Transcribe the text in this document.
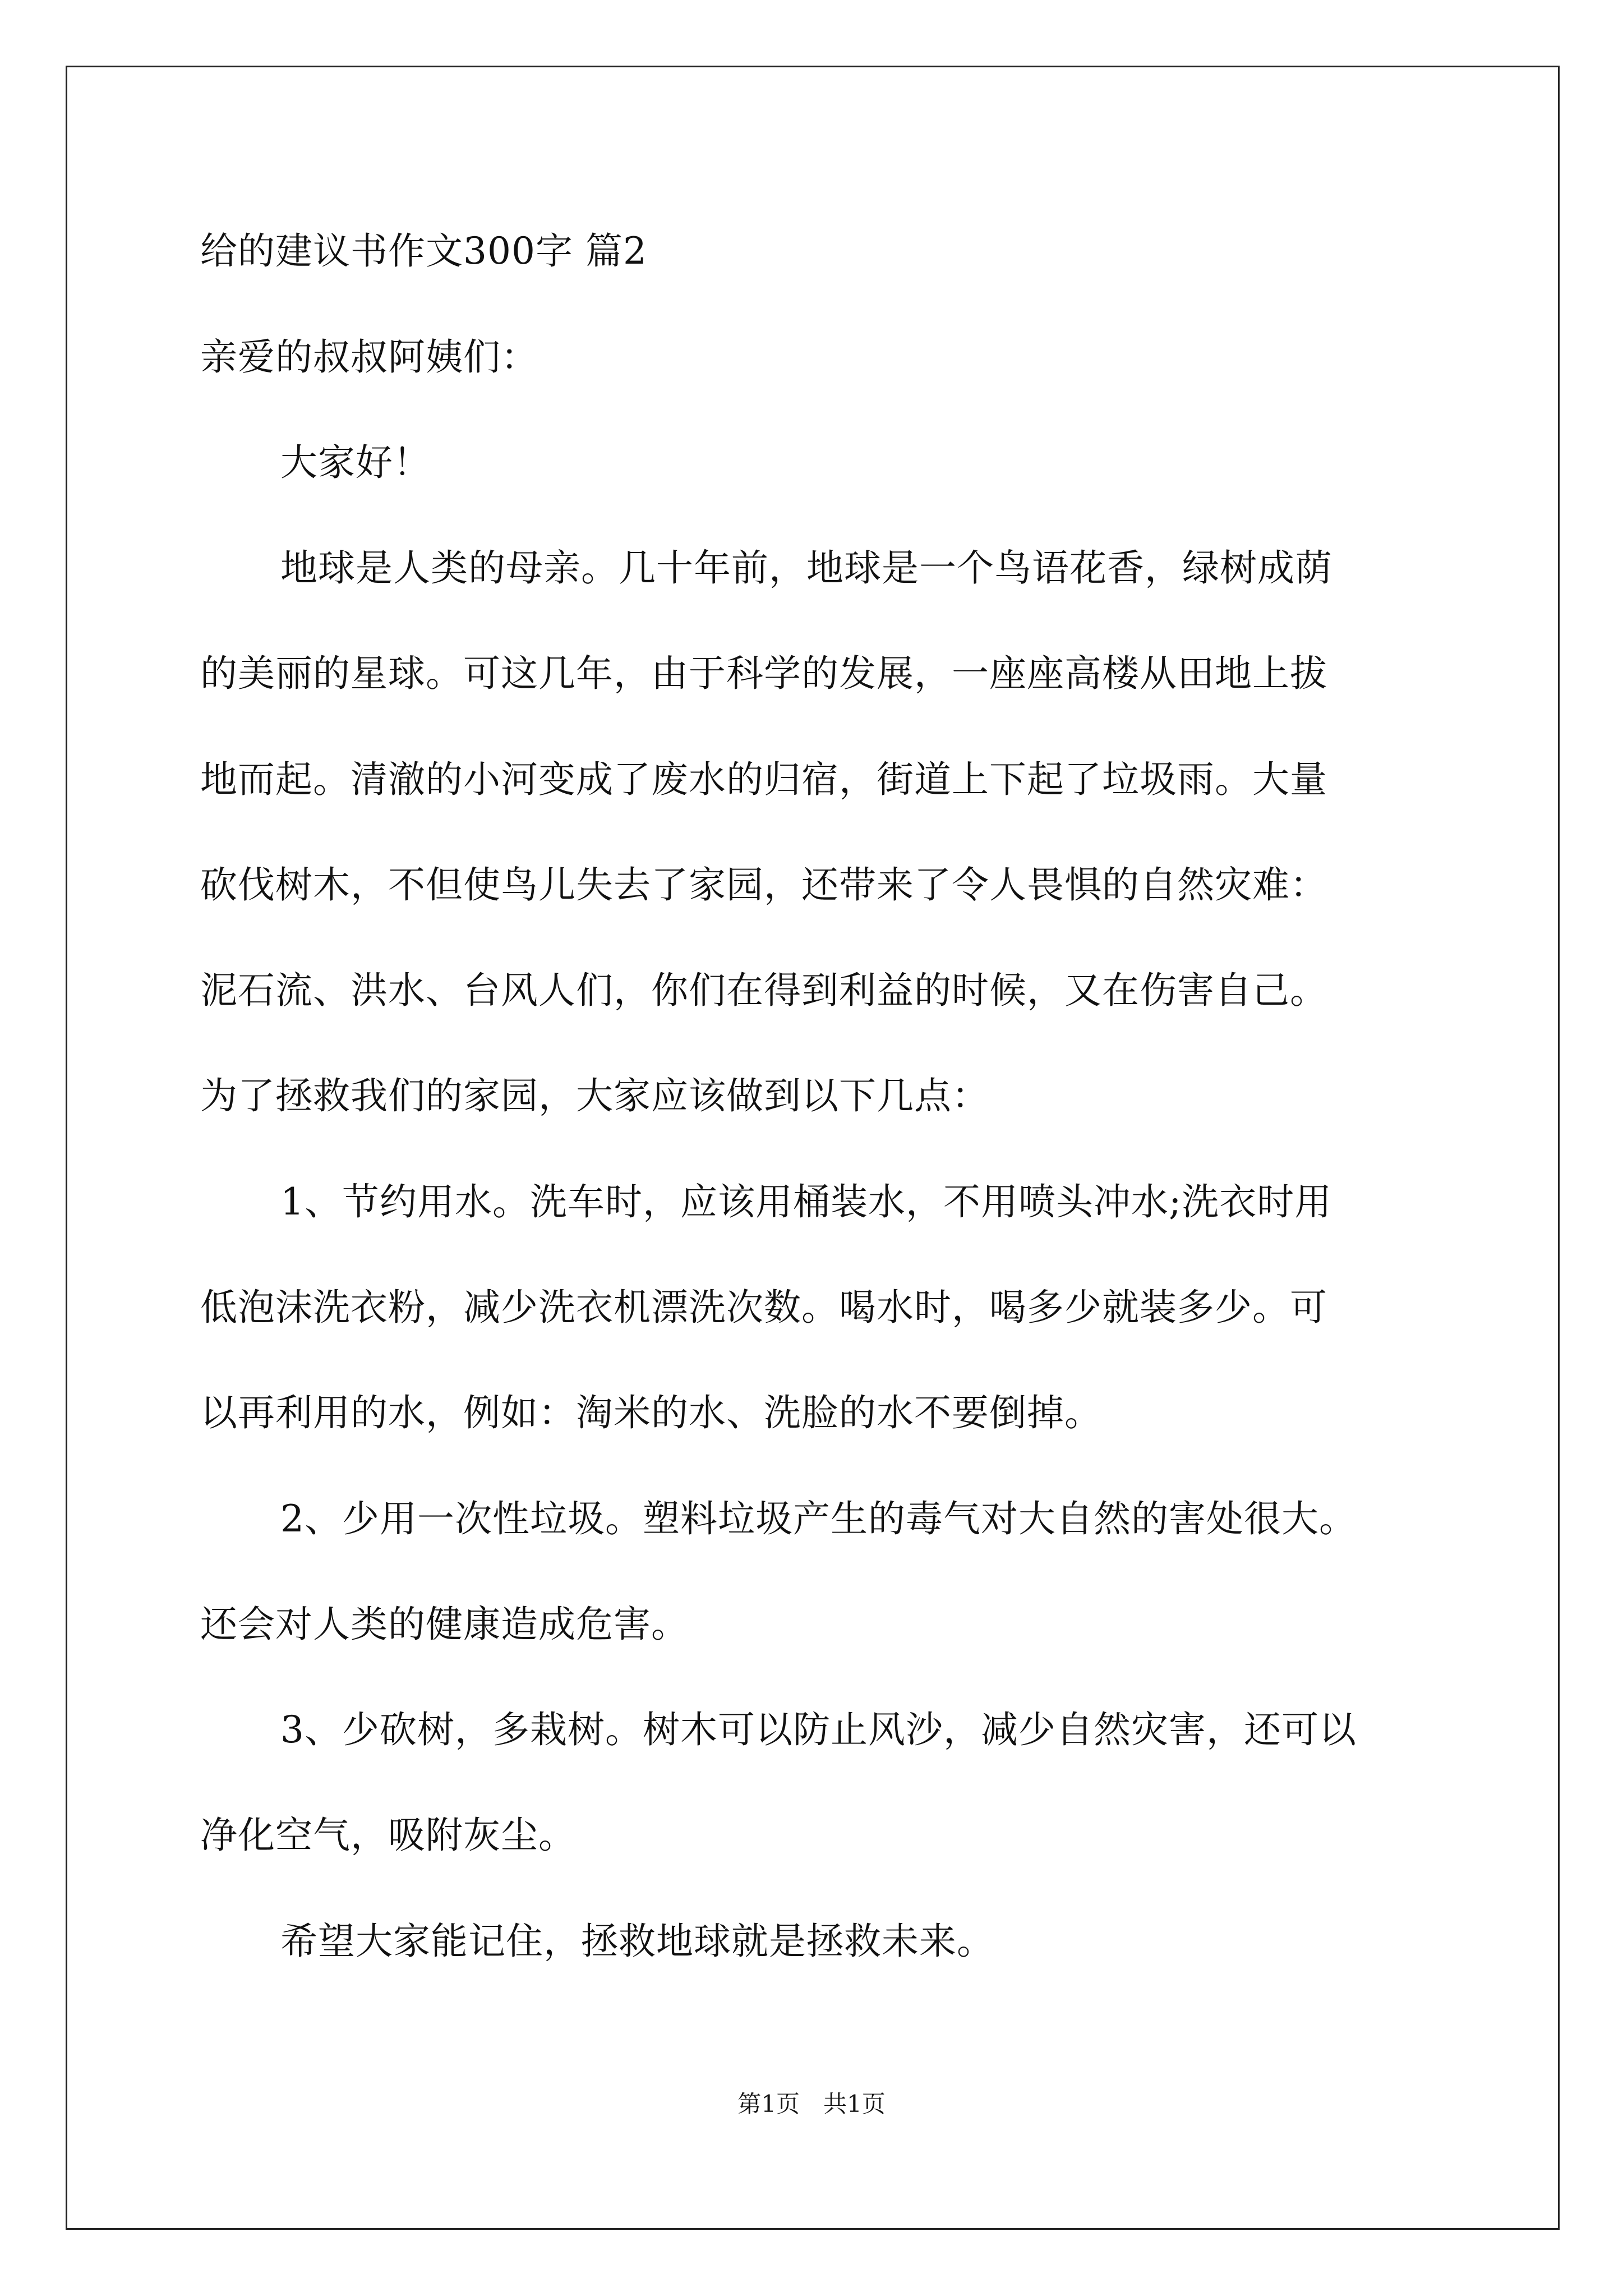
给的建议书作文300字 篇2
亲爱的叔叔阿姨们：
大家好！
地球是人类的母亲。几十年前，地球是一个鸟语花香，绿树成荫
的美丽的星球。可这几年，由于科学的发展，一座座高楼从田地上拔
地而起。清澈的小河变成了废水的归宿，街道上下起了垃圾雨。大量
砍伐树木，不但使鸟儿失去了家园，还带来了令人畏惧的自然灾难：
泥石流、洪水、台风人们，你们在得到利益的时候，又在伤害自己。
为了拯救我们的家园，大家应该做到以下几点：
1、节约用水。洗车时，应该用桶装水，不用喷头冲水;洗衣时用
低泡沫洗衣粉，减少洗衣机漂洗次数。喝水时，喝多少就装多少。可
以再利用的水，例如：淘米的水、洗脸的水不要倒掉。
2、少用一次性垃圾。塑料垃圾产生的毒气对大自然的害处很大。
还会对人类的健康造成危害。
3、少砍树，多栽树。树木可以防止风沙，减少自然灾害，还可以
净化空气，吸附灰尘。
希望大家能记住，拯救地球就是拯救未来。
第1页　共1页
